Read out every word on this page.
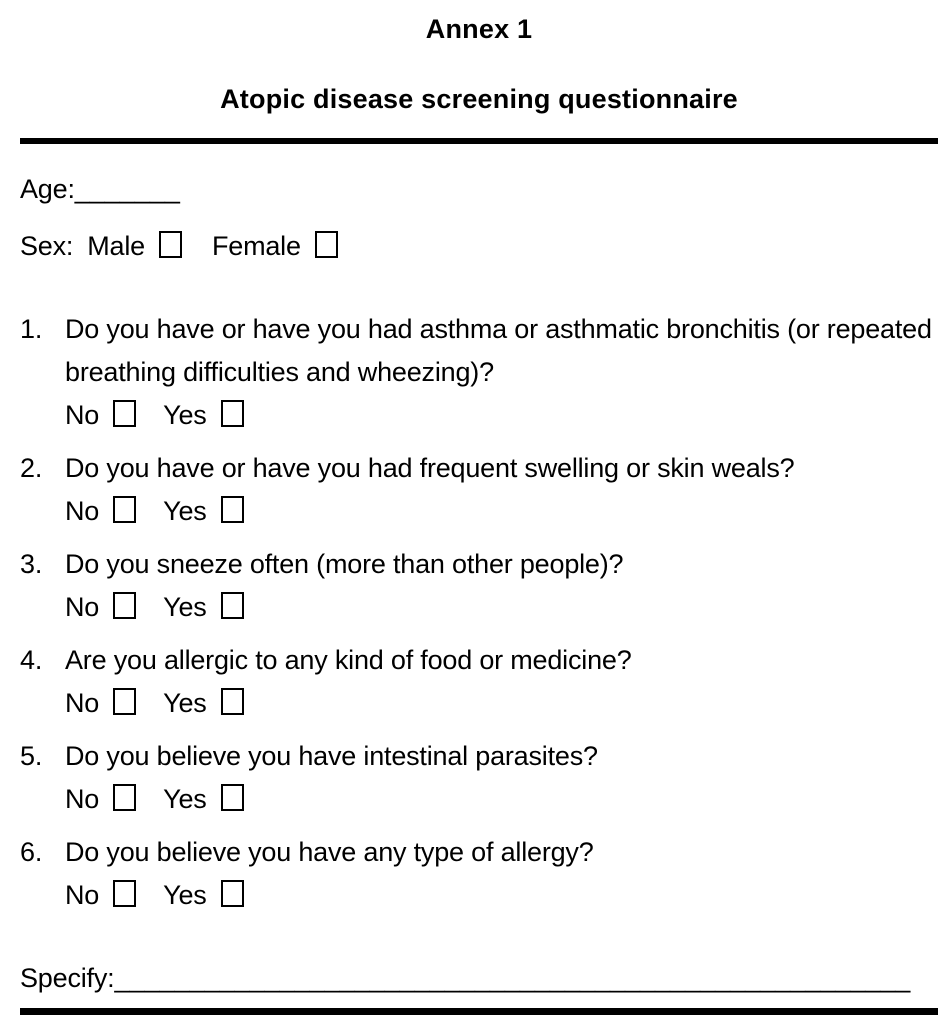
Annex 1
Atopic disease screening questionnaire
Age:_______
Sex: Male Female
1. Do you have or have you had asthma or asthmatic bronchitis (or repeated breathing difficulties and wheezing)?
No Yes
2. Do you have or have you had frequent swelling or skin weals?
No Yes
3. Do you sneeze often (more than other people)?
No Yes
4. Are you allergic to any kind of food or medicine?
No Yes
5. Do you believe you have intestinal parasites?
No Yes
6. Do you believe you have any type of allergy?
No Yes
Specify:_____________________________________________________
